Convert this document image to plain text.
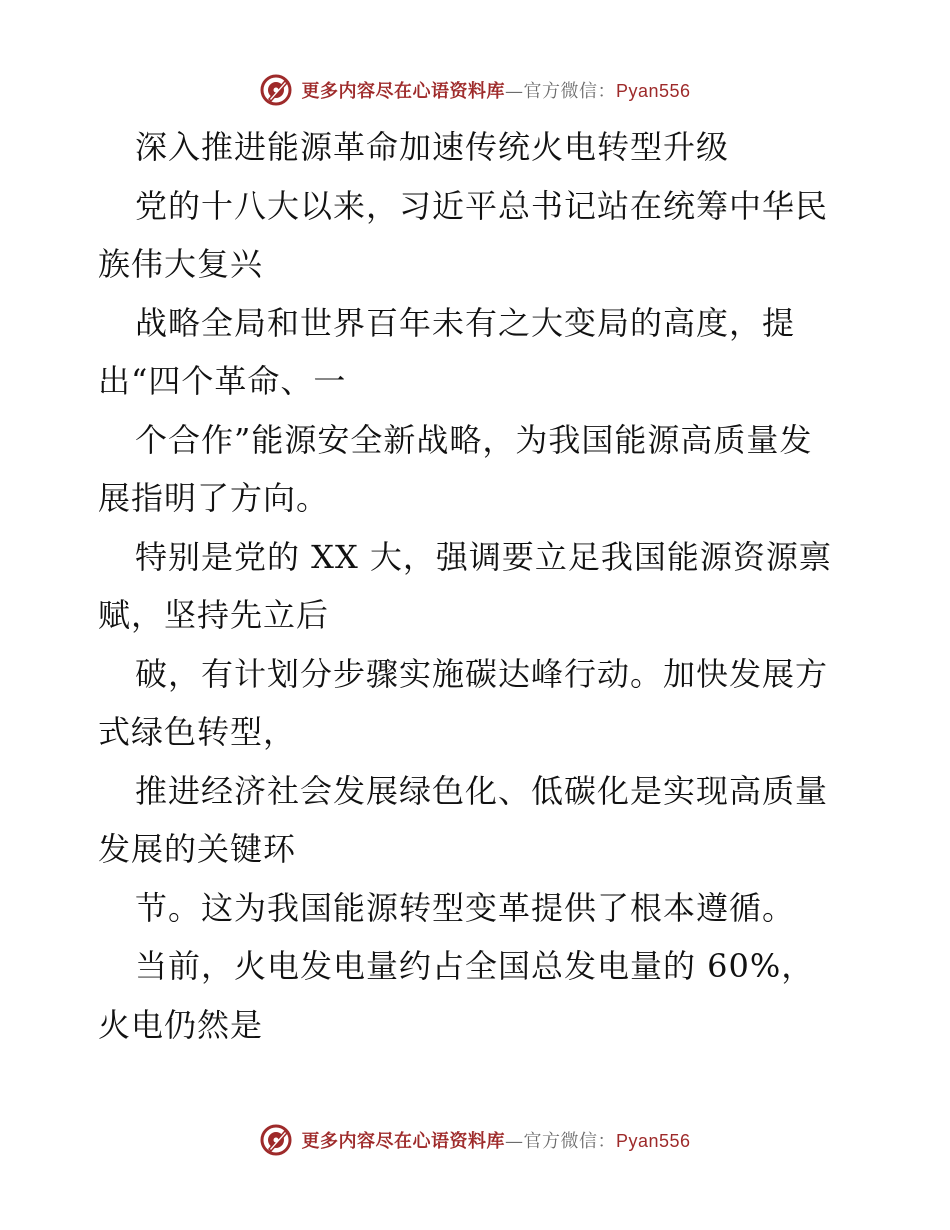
更多内容尽在心语资料库—官方微信：Pyan556
深入推进能源革命加速传统火电转型升级
党的十八大以来，习近平总书记站在统筹中华民
族伟大复兴
战略全局和世界百年未有之大变局的高度，提
出“四个革命、一
个合作”能源安全新战略，为我国能源高质量发
展指明了方向。
特别是党的 XX 大，强调要立足我国能源资源禀
赋，坚持先立后
破，有计划分步骤实施碳达峰行动。加快发展方
式绿色转型，
推进经济社会发展绿色化、低碳化是实现高质量
发展的关键环
节。这为我国能源转型变革提供了根本遵循。
当前，火电发电量约占全国总发电量的 60%，
火电仍然是
更多内容尽在心语资料库—官方微信：Pyan556
